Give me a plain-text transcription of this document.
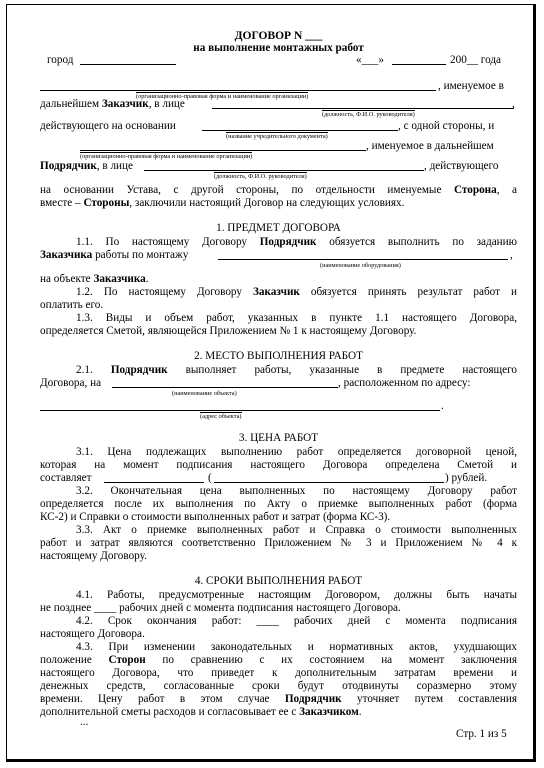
ДОГОВОР N ___
на выполнение монтажных работ
город	«___»	200__ года
, именуемое в
(организационно-правовая форма и наименование организации)
дальнейшем Заказчик, в лице	,
(должность, Ф.И.О. руководителя)
действующего на основании	, с одной стороны, и
(название учредительного документа)
, именуемое в дальнейшем
(организационно-правовая форма и наименование организации)
Подрядчик, в лице	, действующего
(должность, Ф.И.О. руководителя)
на основании Устава, с другой стороны, по отдельности именуемые Сторона, а
вместе – Стороны, заключили настоящий Договор на следующих условиях.
1. ПРЕДМЕТ ДОГОВОРА
1.1. По настоящему Договору Подрядчик обязуется выполнить по заданию
Заказчика работы по монтажу	,
(наименование оборудования)
на объекте Заказчика.
1.2. По настоящему Договору Заказчик обязуется принять результат работ и
оплатить его.
1.3. Виды и объем работ, указанных в пункте 1.1 настоящего Договора,
определяется Сметой, являющейся Приложением № 1 к настоящему Договору.
2. МЕСТО ВЫПОЛНЕНИЯ РАБОТ
2.1. Подрядчик выполняет работы, указанные в предмете настоящего
Договора, на	, расположенном по адресу:
(наименование объекта)
.
(адрес объекта)
3. ЦЕНА РАБОТ
3.1. Цена подлежащих выполнению работ определяется договорной ценой,
которая на момент подписания настоящего Договора определена Сметой и
составляет	(	) рублей.
3.2. Окончательная цена выполненных по настоящему Договору работ
определяется после их выполнения по Акту о приемке выполненных работ (форма
КС-2) и Справки о стоимости выполненных работ и затрат (форма КС-3).
3.3. Акт о приемке выполненных работ и Справка о стоимости выполненных
работ и затрат являются соответственно Приложением № 3 и Приложением № 4 к
настоящему Договору.
4. СРОКИ ВЫПОЛНЕНИЯ РАБОТ
4.1. Работы, предусмотренные настоящим Договором, должны быть начаты
не позднее ____ рабочих дней с момента подписания настоящего Договора.
4.2. Срок окончания работ: ____ рабочих дней с момента подписания
настоящего Договора.
4.3. При изменении законодательных и нормативных актов, ухудшающих
положение Сторон по сравнению с их состоянием на момент заключения
настоящего Договора, что приведет к дополнительным затратам времени и
денежных средств, согласованные сроки будут отодвинуты соразмерно этому
времени. Цену работ в этом случае Подрядчик уточняет путем составления
дополнительной сметы расходов и согласовывает ее с Заказчиком.
...
Стр. 1 из 5
